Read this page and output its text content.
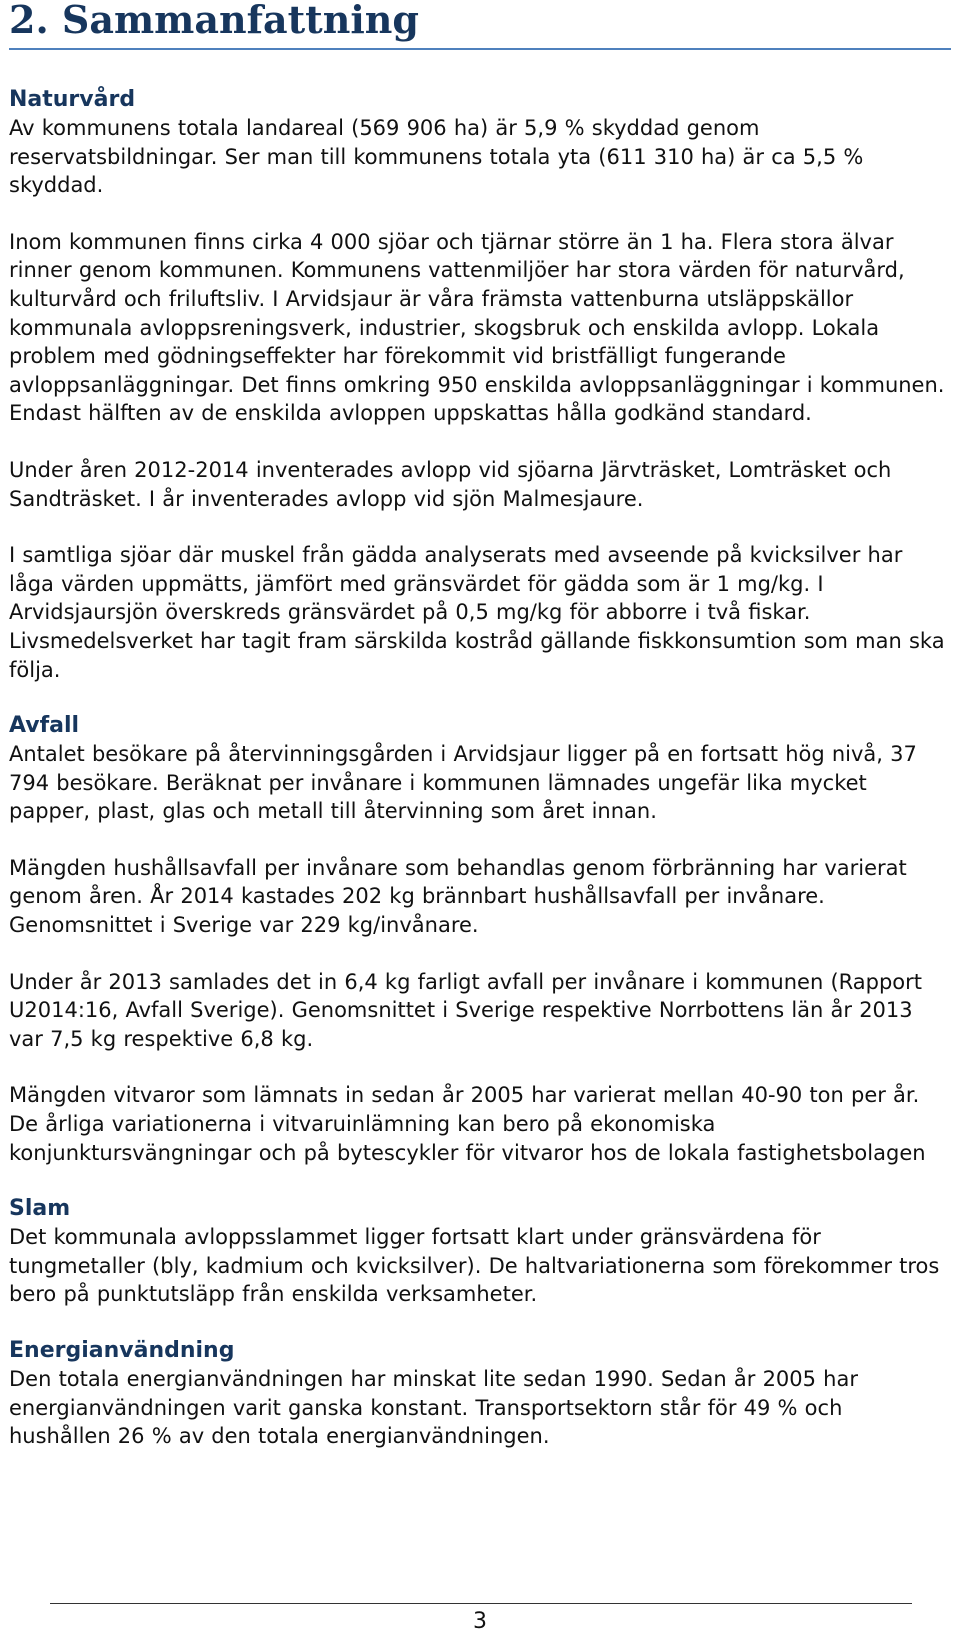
2. Sammanfattning
Naturvård

Av kommunens totala landareal (569 906 ha) är 5,9 % skyddad genom reservatsbildningar. Ser man till kommunens totala yta (611 310 ha) är ca 5,5 % skyddad.

Inom kommunen finns cirka 4 000 sjöar och tjärnar större än 1 ha. Flera stora älvar rinner genom kommunen. Kommunens vattenmiljöer har stora värden för naturvård, kulturvård och friluftsliv. I Arvidsjaur är våra främsta vattenburna utsläppskällor kommunala avloppsreningsverk, industrier, skogsbruk och enskilda avlopp. Lokala problem med gödningseffekter har förekommit vid bristfälligt fungerande avloppsanläggningar. Det finns omkring 950 enskilda avloppsanläggningar i kommunen. Endast hälften av de enskilda avloppen uppskattas hålla godkänd standard.

Under åren 2012-2014 inventerades avlopp vid sjöarna Järvträsket, Lomträsket och Sandträsket. I år inventerades avlopp vid sjön Malmesjaure.

I samtliga sjöar där muskel från gädda analyserats med avseende på kvicksilver har låga värden uppmätts, jämfört med gränsvärdet för gädda som är 1 mg/kg. I Arvidsjaursjön överskreds gränsvärdet på 0,5 mg/kg för abborre i två fiskar. Livsmedelsverket har tagit fram särskilda kostråd gällande fiskkonsumtion som man ska följa.

Avfall

Antalet besökare på återvinningsgården i Arvidsjaur ligger på en fortsatt hög nivå, 37 794 besökare. Beräknat per invånare i kommunen lämnades ungefär lika mycket papper, plast, glas och metall till återvinning som året innan.

Mängden hushållsavfall per invånare som behandlas genom förbränning har varierat genom åren. År 2014 kastades 202 kg brännbart hushållsavfall per invånare. Genomsnittet i Sverige var 229 kg/invånare.

Under år 2013 samlades det in 6,4 kg farligt avfall per invånare i kommunen (Rapport U2014:16, Avfall Sverige). Genomsnittet i Sverige respektive Norrbottens län år 2013 var 7,5 kg respektive 6,8 kg.

Mängden vitvaror som lämnats in sedan år 2005 har varierat mellan 40-90 ton per år. De årliga variationerna i vitvaruinlämning kan bero på ekonomiska konjunktursvängningar och på bytescykler för vitvaror hos de lokala fastighetsbolagen

Slam

Det kommunala avloppsslammet ligger fortsatt klart under gränsvärdena för tungmetaller (bly, kadmium och kvicksilver). De haltvariationerna som förekommer tros bero på punktutsläpp från enskilda verksamheter.

Energianvändning

Den totala energianvändningen har minskat lite sedan 1990. Sedan år 2005 har energianvändningen varit ganska konstant. Transportsektorn står för 49 % och hushållen 26 % av den totala energianvändningen.

3
